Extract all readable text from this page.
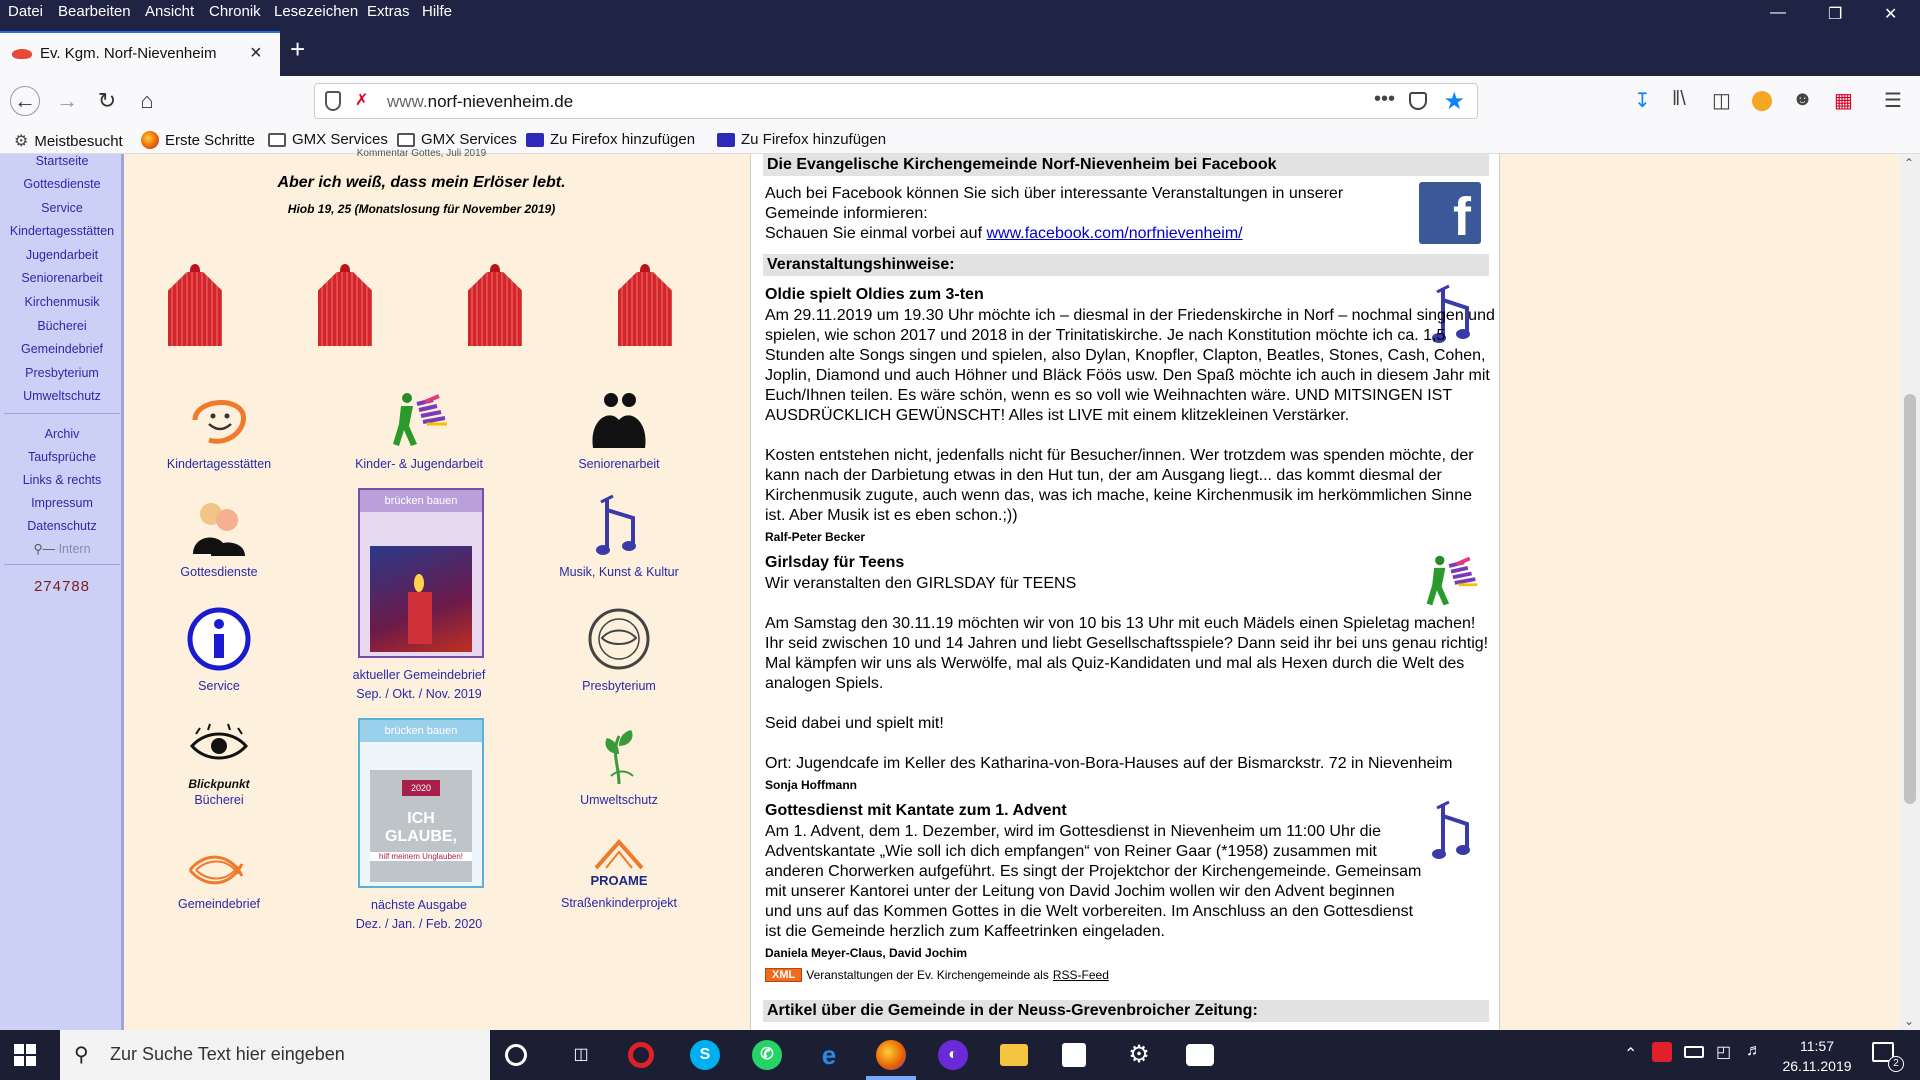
Datei Bearbeiten Ansicht Chronik Lesezeichen Extras Hilfe	—	❐	✕
Ev. Kgm. Norf-Nievenheim × +
← → ↻	⌂	✗ www.norf-nievenheim.de	••• ★	↧ ‖\ ◫	☻ ▦ ☰
⚙ Meistbesucht	Erste Schritte GMX Services GMX Services Zu Firefox hinzufügen	Zu Firefox hinzufügen
Startseite
Gottesdienste
Service
Kindertagesstätten
Jugendarbeit
Seniorenarbeit
Kirchenmusik
Bücherei
Gemeindebrief
Presbyterium
Umweltschutz
Archiv
Taufsprüche
Links & rechts
Impressum
Datenschutz
⚲— Intern
274788
Kommentar Gottes, Juli 2019
Aber ich weiß, dass mein Erlöser lebt.
Hiob 19, 25 (Monatslosung für November 2019)
Kindertagesstätten	Kinder- & Jugendarbeit	Seniorenarbeit
Gottesdienste
brücken bauen
Musik, Kunst & Kultur
Service
aktueller Gemeindebrief
Sep. / Okt. / Nov. 2019
Presbyterium
Blickpunkt
Bücherei
brücken bauen
2020
ICH GLAUBE,
hilf meinem Unglauben!
Umweltschutz
Gemeindebrief	nächste Ausgabe
Dez. / Jan. / Feb. 2020
PROAME
Straßenkinderprojekt
Die Evangelische Kirchengemeinde Norf-Nievenheim bei Facebook
Auch bei Facebook können Sie sich über interessante Veranstaltungen in unserer Gemeinde informieren:
Schauen Sie einmal vorbei auf www.facebook.com/norfnievenheim/	f
Veranstaltungshinweise:
Oldie spielt Oldies zum 3-ten
Am 29.11.2019 um 19.30 Uhr möchte ich – diesmal in der Friedenskirche in Norf – nochmal singen und spielen, wie schon 2017 und 2018 in der Trinitatiskirche. Je nach Konstitution möchte ich ca. 1,5 Stunden alte Songs singen und spielen, also Dylan, Knopfler, Clapton, Beatles, Stones, Cash, Cohen, Joplin, Diamond und auch Höhner und Bläck Föös usw. Den Spaß möchte ich auch in diesem Jahr mit Euch/Ihnen teilen. Es wäre schön, wenn es so voll wie Weihnachten wäre. UND MITSINGEN IST AUSDRÜCKLICH GEWÜNSCHT! Alles ist LIVE mit einem klitzekleinen Verstärker.
Kosten entstehen nicht, jedenfalls nicht für Besucher/innen. Wer trotzdem was spenden möchte, der kann nach der Darbietung etwas in den Hut tun, der am Ausgang liegt... das kommt diesmal der Kirchenmusik zugute, auch wenn das, was ich mache, keine Kirchenmusik im herkömmlichen Sinne ist. Aber Musik ist es eben schon.;))
Ralf-Peter Becker
Girlsday für Teens
Wir veranstalten den GIRLSDAY für TEENS
Am Samstag den 30.11.19 möchten wir von 10 bis 13 Uhr mit euch Mädels einen Spieletag machen! Ihr seid zwischen 10 und 14 Jahren und liebt Gesellschaftsspiele? Dann seid ihr bei uns genau richtig! Mal kämpfen wir uns als Werwölfe, mal als Quiz-Kandidaten und mal als Hexen durch die Welt des analogen Spiels.
Seid dabei und spielt mit!
Ort: Jugendcafe im Keller des Katharina-von-Bora-Hauses auf der Bismarckstr. 72 in Nievenheim
Sonja Hoffmann
Gottesdienst mit Kantate zum 1. Advent
Am 1. Advent, dem 1. Dezember, wird im Gottesdienst in Nievenheim um 11:00 Uhr die Adventskantate „Wie soll ich dich empfangen“ von Reiner Gaar (*1958) zusammen mit anderen Chorwerken aufgeführt. Es singt der Projektchor der Kirchengemeinde. Gemeinsam mit unserer Kantorei unter der Leitung von David Jochim wollen wir den Advent beginnen und uns auf das Kommen Gottes in die Welt vorbereiten. Im Anschluss an den Gottesdienst ist die Gemeinde herzlich zum Kaffeetrinken eingeladen.
Daniela Meyer-Claus, David Jochim
XML Veranstaltungen der Ev. Kirchengemeinde als RSS-Feed
Artikel über die Gemeinde in der Neuss-Grevenbroicher Zeitung:
⌃
⌄
⚲ Zur Suche Text hier eingeben	◫	S	✆	e	◐	⚙	⌃	◰ ♬	11:57
26.11.2019	2
